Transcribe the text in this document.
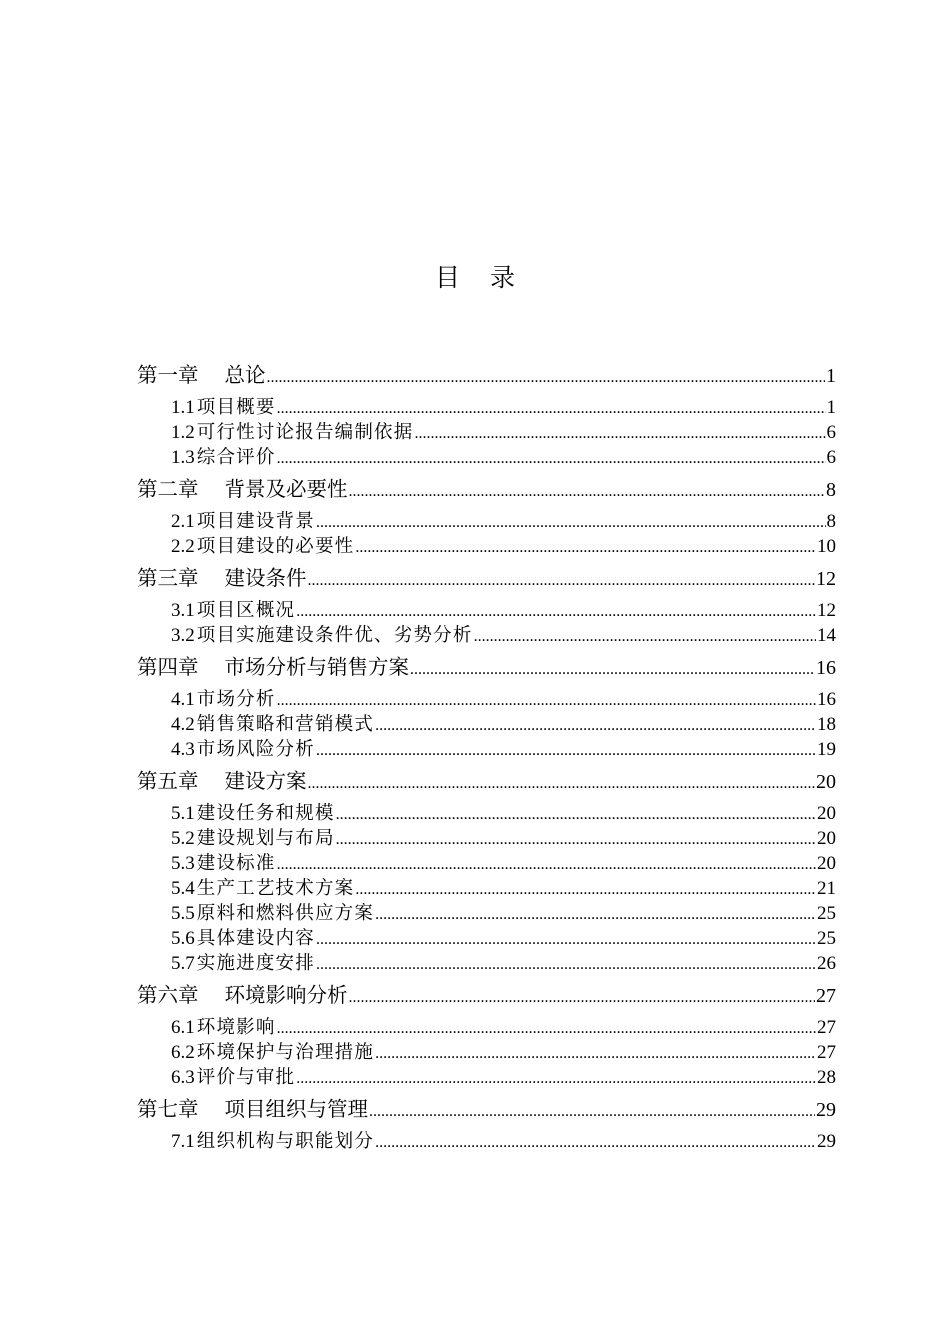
目 录
第一章 总论 .....	1
1.1 项目概要 .....	1
1.2 可行性讨论报告编制依据 .....	6
1.3 综合评价 .....	6
第二章 背景及必要性 .....	8
2.1 项目建设背景 .....	8
2.2 项目建设的必要性 .....	10
第三章 建设条件 .....	12
3.1 项目区概况 .....	12
3.2 项目实施建设条件优、劣势分析 .....	14
第四章 市场分析与销售方案 .....	16
4.1 市场分析 .....	16
4.2 销售策略和营销模式 .....	18
4.3 市场风险分析 .....	19
第五章 建设方案 .....	20
5.1 建设任务和规模 .....	20
5.2 建设规划与布局 .....	20
5.3 建设标准 .....	20
5.4 生产工艺技术方案 .....	21
5.5 原料和燃料供应方案 .....	25
5.6 具体建设内容 .....	25
5.7 实施进度安排 .....	26
第六章 环境影响分析 .....	27
6.1 环境影响 .....	27
6.2 环境保护与治理措施 .....	27
6.3 评价与审批 .....	28
第七章 项目组织与管理 .....	29
7.1 组织机构与职能划分 .....	29
